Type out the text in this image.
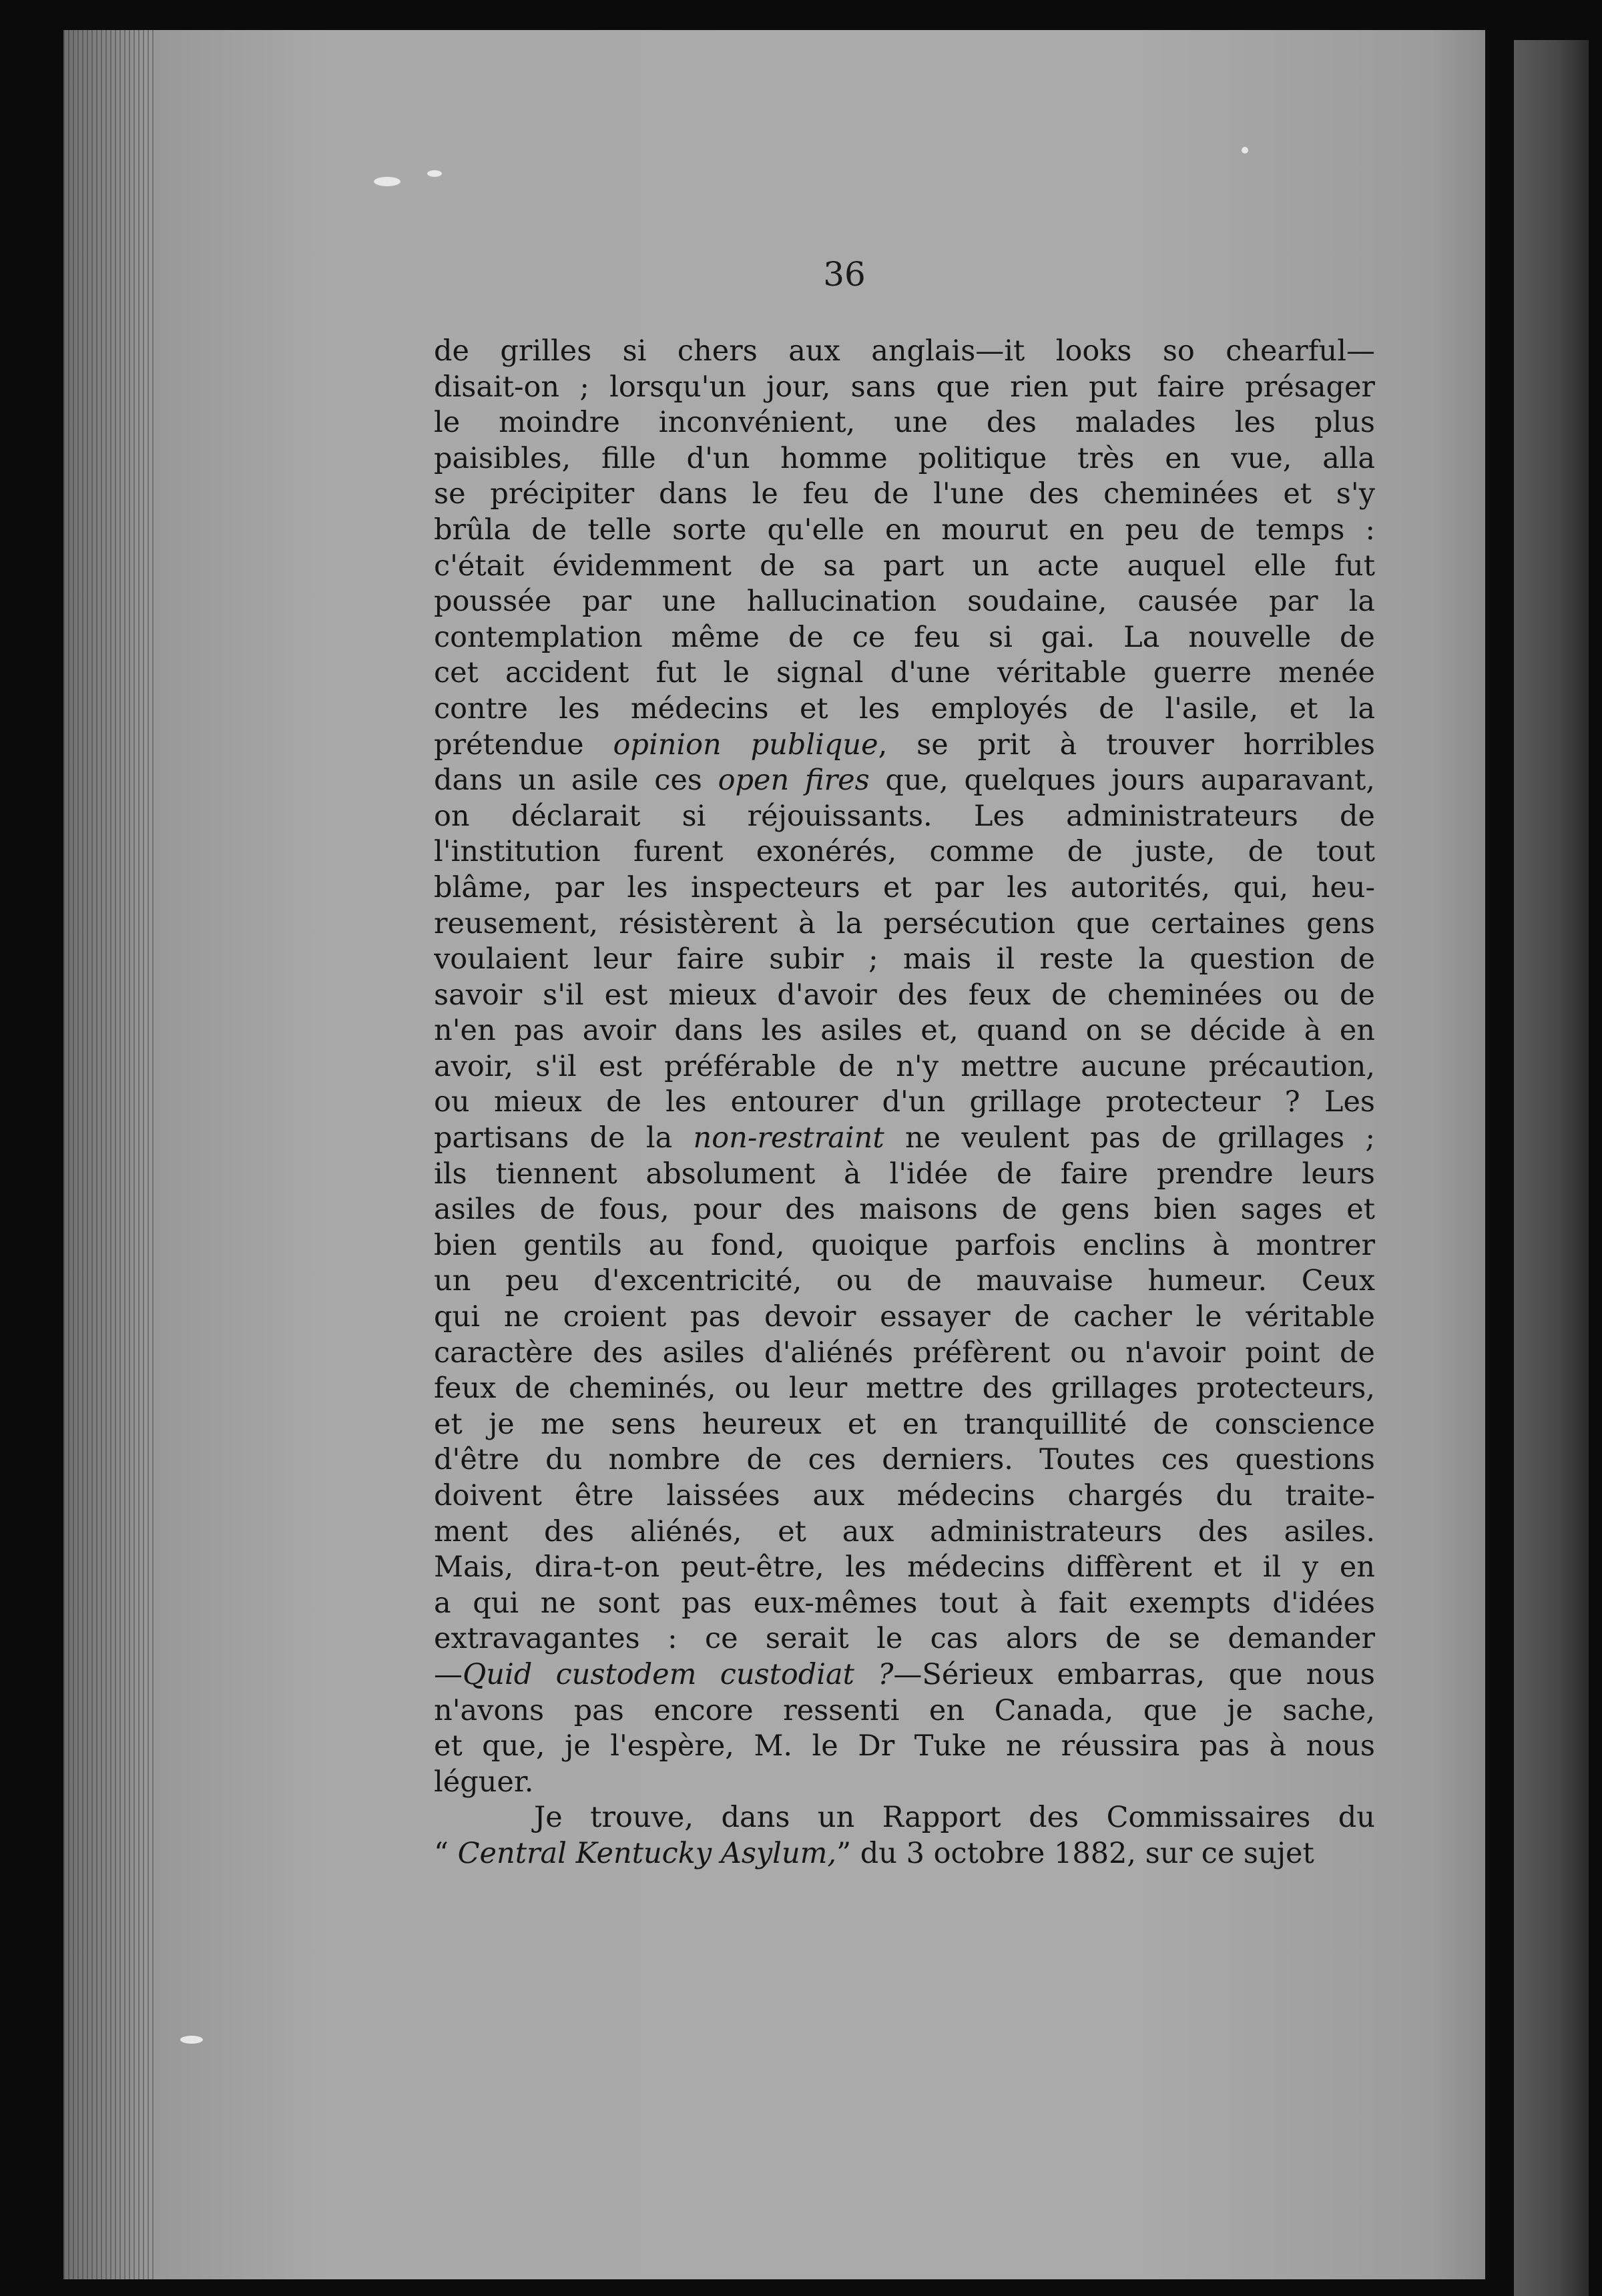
36
de grilles si chers aux anglais—it looks so chearful—
disait-on ; lorsqu'un jour, sans que rien put faire présager
le moindre inconvénient, une des malades les plus
paisibles, fille d'un homme politique très en vue, alla
se précipiter dans le feu de l'une des cheminées et s'y
brûla de telle sorte qu'elle en mourut en peu de temps :
c'était évidemment de sa part un acte auquel elle fut
poussée par une hallucination soudaine, causée par la
contemplation même de ce feu si gai. La nouvelle de
cet accident fut le signal d'une véritable guerre menée
contre les médecins et les employés de l'asile, et la
prétendue opinion publique, se prit à trouver horribles
dans un asile ces open fires que, quelques jours auparavant,
on déclarait si réjouissants. Les administrateurs de
l'institution furent exonérés, comme de juste, de tout
blâme, par les inspecteurs et par les autorités, qui, heu-
reusement, résistèrent à la persécution que certaines gens
voulaient leur faire subir ; mais il reste la question de
savoir s'il est mieux d'avoir des feux de cheminées ou de
n'en pas avoir dans les asiles et, quand on se décide à en
avoir, s'il est préférable de n'y mettre aucune précaution,
ou mieux de les entourer d'un grillage protecteur ? Les
partisans de la non-restraint ne veulent pas de grillages ;
ils tiennent absolument à l'idée de faire prendre leurs
asiles de fous, pour des maisons de gens bien sages et
bien gentils au fond, quoique parfois enclins à montrer
un peu d'excentricité, ou de mauvaise humeur. Ceux
qui ne croient pas devoir essayer de cacher le véritable
caractère des asiles d'aliénés préfèrent ou n'avoir point de
feux de cheminés, ou leur mettre des grillages protecteurs,
et je me sens heureux et en tranquillité de conscience
d'être du nombre de ces derniers. Toutes ces questions
doivent être laissées aux médecins chargés du traite-
ment des aliénés, et aux administrateurs des asiles.
Mais, dira-t-on peut-être, les médecins diffèrent et il y en
a qui ne sont pas eux-mêmes tout à fait exempts d'idées
extravagantes : ce serait le cas alors de se demander
—Quid custodem custodiat ?—Sérieux embarras, que nous
n'avons pas encore ressenti en Canada, que je sache,
et que, je l'espère, M. le Dr Tuke ne réussira pas à nous
léguer.
Je trouve, dans un Rapport des Commissaires du
“ Central Kentucky Asylum,” du 3 octobre 1882, sur ce sujet
